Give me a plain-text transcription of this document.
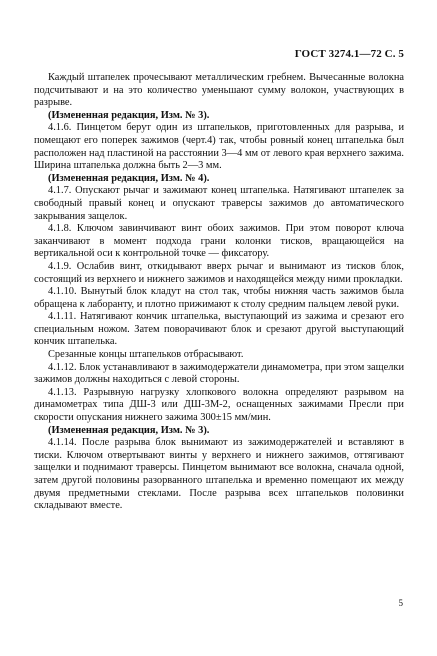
ГОСТ 3274.1—72 С. 5

Каждый штапелек прочесывают металлическим гребнем. Вычесанные волокна подсчитывают и на это количество уменьшают сумму волокон, участвующих в разрыве.

(Измененная редакция, Изм. № 3).

4.1.6. Пинцетом берут один из штапельков, приготовленных для разрыва, и помещают его поперек зажимов (черт.4) так, чтобы ровный конец штапелька был расположен над пластиной на расстоянии 3—4 мм от левого края верхнего зажима. Ширина штапелька должна быть 2—3 мм.

(Измененная редакция, Изм. № 4).

4.1.7. Опускают рычаг и зажимают конец штапелька. Натягивают штапелек за свободный правый конец и опускают траверсы зажимов до автоматического закрывания защелок.

4.1.8. Ключом завинчивают винт обоих зажимов. При этом поворот ключа заканчивают в момент подхода грани колонки тисков, вращающейся на вертикальной оси к контрольной точке — фиксатору.

4.1.9. Ослабив винт, откидывают вверх рычаг и вынимают из тисков блок, состоящий из верхнего и нижнего зажимов и находящейся между ними прокладки.

4.1.10. Вынутый блок кладут на стол так, чтобы нижняя часть зажимов была обращена к лаборанту, и плотно прижимают к столу средним пальцем левой руки.

4.1.11. Натягивают кончик штапелька, выступающий из зажима и срезают его специальным ножом. Затем поворачивают блок и срезают другой выступающий кончик штапелька.

Срезанные концы штапельков отбрасывают.

4.1.12. Блок устанавливают в зажимодержатели динамометра, при этом защелки зажимов должны находиться с левой стороны.

4.1.13. Разрывную нагрузку хлопкового волокна определяют разрывом на динамометрах типа ДШ-3 или ДШ-3М-2, оснащенных зажимами Пресли при скорости опускания нижнего зажима 300±15 мм/мин.

(Измененная редакция, Изм. № 3).

4.1.14. После разрыва блок вынимают из зажимодержателей и вставляют в тиски. Ключом отвертывают винты у верхнего и нижнего зажимов, оттягивают защелки и поднимают траверсы. Пинцетом вынимают все волокна, сначала одной, затем другой половины разорванного штапелька и временно помещают их между двумя предметными стеклами. После разрыва всех штапельков половинки складывают вместе.

5
